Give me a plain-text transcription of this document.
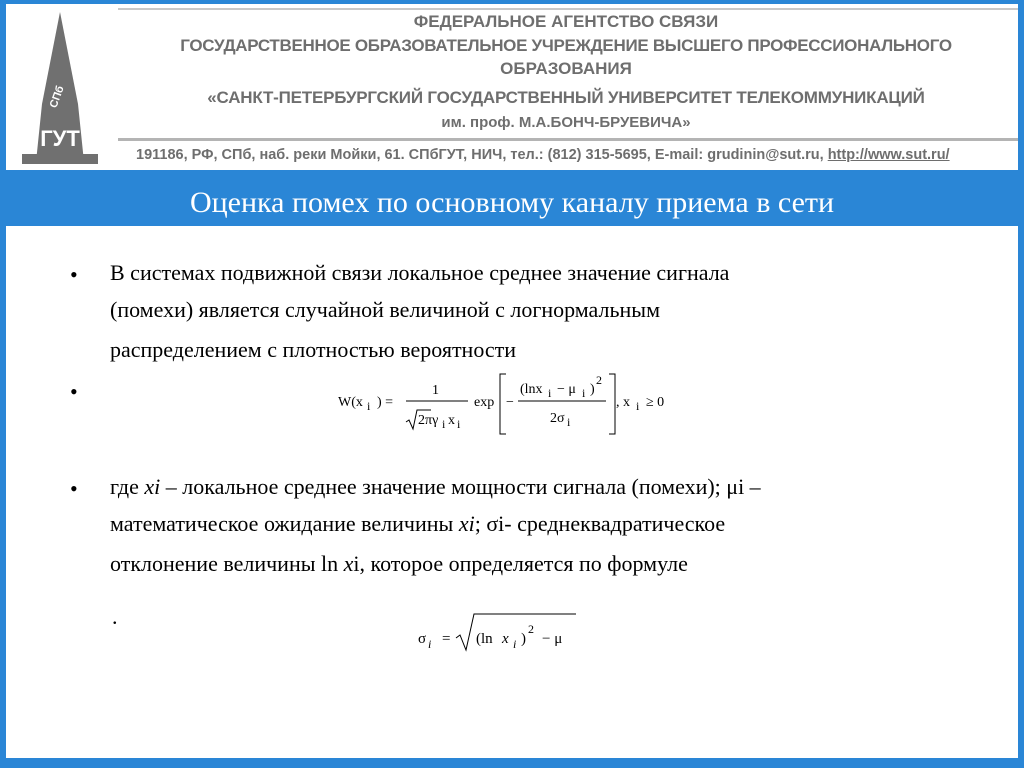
СПб
ГУТ
ФЕДЕРАЛЬНОЕ АГЕНТСТВО СВЯЗИ
ГОСУДАРСТВЕННОЕ ОБРАЗОВАТЕЛЬНОЕ УЧРЕЖДЕНИЕ ВЫСШЕГО ПРОФЕССИОНАЛЬНОГО
ОБРАЗОВАНИЯ
«САНКТ-ПЕТЕРБУРГСКИЙ ГОСУДАРСТВЕННЫЙ УНИВЕРСИТЕТ ТЕЛЕКОММУНИКАЦИЙ
им. проф. М.А.БОНЧ-БРУЕВИЧА»
191186, РФ, СПб, наб. реки Мойки, 61. СПбГУТ, НИЧ, тел.: (812) 315-5695, E-mail: grudinin@sut.ru, http://www.sut.ru/
Оценка помех по основному каналу приема в сети
• В системах подвижной связи локальное среднее значение сигнала
(помехи) является случайной величиной с логнормальным
распределением с плотностью вероятности
•	W(x i ) =
1
2πγ i x i
exp −
(lnx i − μ i )
2
2σ i
, x i ≥ 0
• где xi – локальное среднее значение мощности сигнала (помехи); μi –
математическое ожидание величины xi; σi- среднеквадратическое
отклонение величины ln xi, которое определяется по формуле
.
σ i = (ln x i )
2
− μ
